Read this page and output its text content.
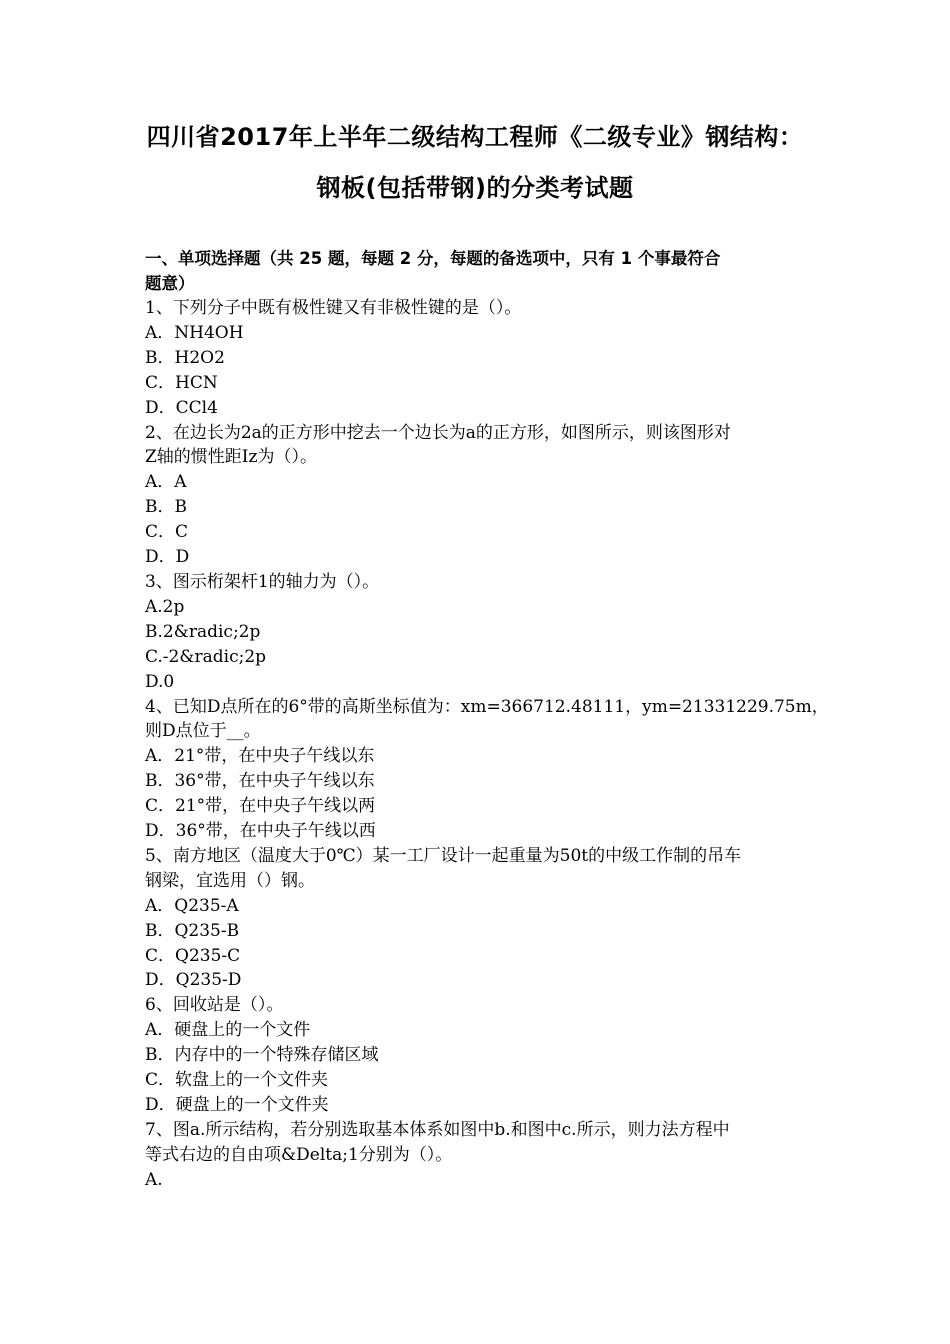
四川省2017年上半年二级结构工程师《二级专业》钢结构：
钢板(包括带钢)的分类考试题

一、单项选择题（共 25 题，每题 2 分，每题的备选项中，只有 1 个事最符合

题意）

1、下列分子中既有极性键又有非极性键的是（）。

A．NH4OH

B．H2O2

C．HCN

D．CCl4

2、在边长为2a的正方形中挖去一个边长为a的正方形，如图所示，则该图形对

Z轴的惯性距Iz为（）。

A．A

B．B

C．C

D．D

3、图示桁架杆1的轴力为（）。

A.2p

B.2&radic;2p

C.-2&radic;2p

D.0

4、已知D点所在的6°带的高斯坐标值为：xm=366712.48111，ym=21331229.75m，

则D点位于__。

A．21°带，在中央子午线以东

B．36°带，在中央子午线以东

C．21°带，在中央子午线以两

D．36°带，在中央子午线以西

5、南方地区（温度大于0℃）某一工厂设计一起重量为50t的中级工作制的吊车

钢梁，宜选用（）钢。

A．Q235-A

B．Q235-B

C．Q235-C

D．Q235-D

6、回收站是（）。

A．硬盘上的一个文件

B．内存中的一个特殊存储区域

C．软盘上的一个文件夹

D．硬盘上的一个文件夹

7、图a.所示结构，若分别选取基本体系如图中b.和图中c.所示，则力法方程中

等式右边的自由项&Delta;1分别为（）。

A.
